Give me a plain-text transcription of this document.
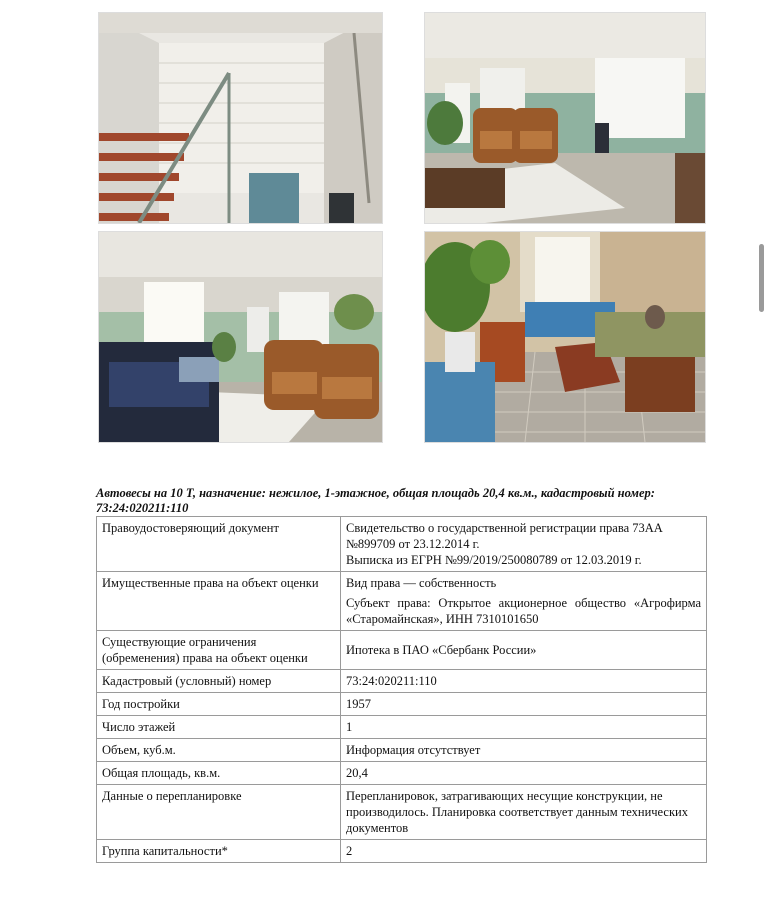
Автовесы на 10 Т, назначение: нежилое, 1-этажное, общая площадь 20,4 кв.м., кадастровый номер: 73:24:020211:110

Правоудостоверяющий документ	Свидетельство о государственной регистрации права 73АА №899709 от 23.12.2014 г.
Выписка из ЕГРН №99/2019/250080789 от 12.03.2019 г.

Имущественные права на объект оценки	Вид права — собственность
Субъект права: Открытое акционерное общество «Агрофирма «Старомайнская», ИНН 7310101650

Существующие ограничения (обременения) права на объект оценки	Ипотека в ПАО «Сбербанк России»

Кадастровый (условный) номер	73:24:020211:110

Год постройки	1957

Число этажей	1

Объем, куб.м.	Информация отсутствует

Общая площадь, кв.м.	20,4

Данные о перепланировке	Перепланировок, затрагивающих несущие конструкции, не производилось. Планировка соответствует данным технических документов

Группа капитальности*	2
